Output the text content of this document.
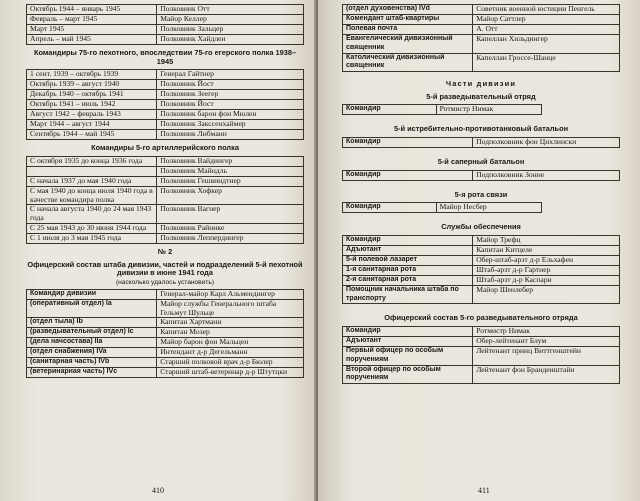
Октябрь 1944 – январь 1945	Полковник Отт
Февраль – март 1945	Майор Келлер
Март 1945	Полковник Зальцер
Апрель – май 1945	Полковник Хайдлен
Командиры 75-го пехотного, впоследствии 75-го егерского полка 1938–1945
1 сент. 1939 – октябрь 1939	Генерал Гайтнер
Октябрь 1939 – август 1940	Полковник Йост
Декабрь 1940 – октябрь 1941	Полковник Зеегер
Октябрь 1941 – июль 1942	Полковник Йост
Август 1942 – февраль 1943	Полковник барон фон Мюлен
Март 1944 – август 1944	Полковник Закссенхаймер
Сентябрь 1944 – май 1945	Полковник Либманн
Командиры 5-го артиллерийского полка
С октября 1935 до конца 1936 года	Полковник Вайдингер
	Полковник Майндль
С начала 1937 до мая 1940 года	Полковник Гешвиндтнер
С мая 1940 до конца июля 1940 года в качестве командира полка	Полковник Хофкер
С начала августа 1940 до 24 мая 1943 года	Полковник Вагнер
С 25 мая 1943 до 30 июня 1944 года	Полковник Райнике
С 1 июля до 3 мая 1945 года	Полковник Леппердингер
№ 2
Офицерский состав штаба дивизии, частей и подразделений 5-й пехотной дивизии в июне 1941 года
(насколько удалось установить)
Командир дивизии	Генерал-майор Карл Альмендингер
(оперативный отдел) Ia	Майор службы Генерального штаба Гельмут Шульце
(отдел тыла) Ib	Капитан Хартманн
(разведывательный отдел) Ic	Капитан Мозер
(дела начсостава) IIa	Майор барон фон Мальцен
(отдел снабжения) IVa	Интендант д-р Дегельманн
(санитарная часть) IVb	Старший полковой врач д-р Бюлер
(ветеринарная часть) IVc	Старший штаб-ветеринар д-р Штутцки
410
(отдел духовенства) IVd	Советник военной юстиции Пенгель
Комендант штаб-квартиры	Майор Саттлер
Полевая почта	А. Отт
Евангелический дивизионный священник	Капеллан Хильдингер
Католический дивизионный священник	Капеллан Гроссе-Шанце
Части дивизии
5-й разведывательный отряд
Командир	Ротмистр Нимак
5-й истребительно-противотанковый батальон
Командир	Подполковник фон Цихлински
5-й саперный батальон
Командир	Подполковник Зонне
5-я рота связи
Командир	Майор Несбер
Службы обеспечения
Командир	Майор Трефц
Адъютант	Капитан Китцеле
5-й полевой лазарет	Обер-штаб-арзт д-р Ельхафен
1-я санитарная рота	Штаб-арзт д-р Гартнер
2-я санитарная рота	Штаб-арзт д-р Каспари
Помощник начальника штаба по транспорту	Майор Шенлебер
Офицерский состав 5-го разведывательного отряда
Командир	Ротмистр Нимак
Адъютант	Обер-лейтенант Блум
Первый офицер по особым поручениям	Лейтенант принц Виттгенштейн
Второй офицер по особым поручениям	Лейтенант фон Бранденштайн
411
